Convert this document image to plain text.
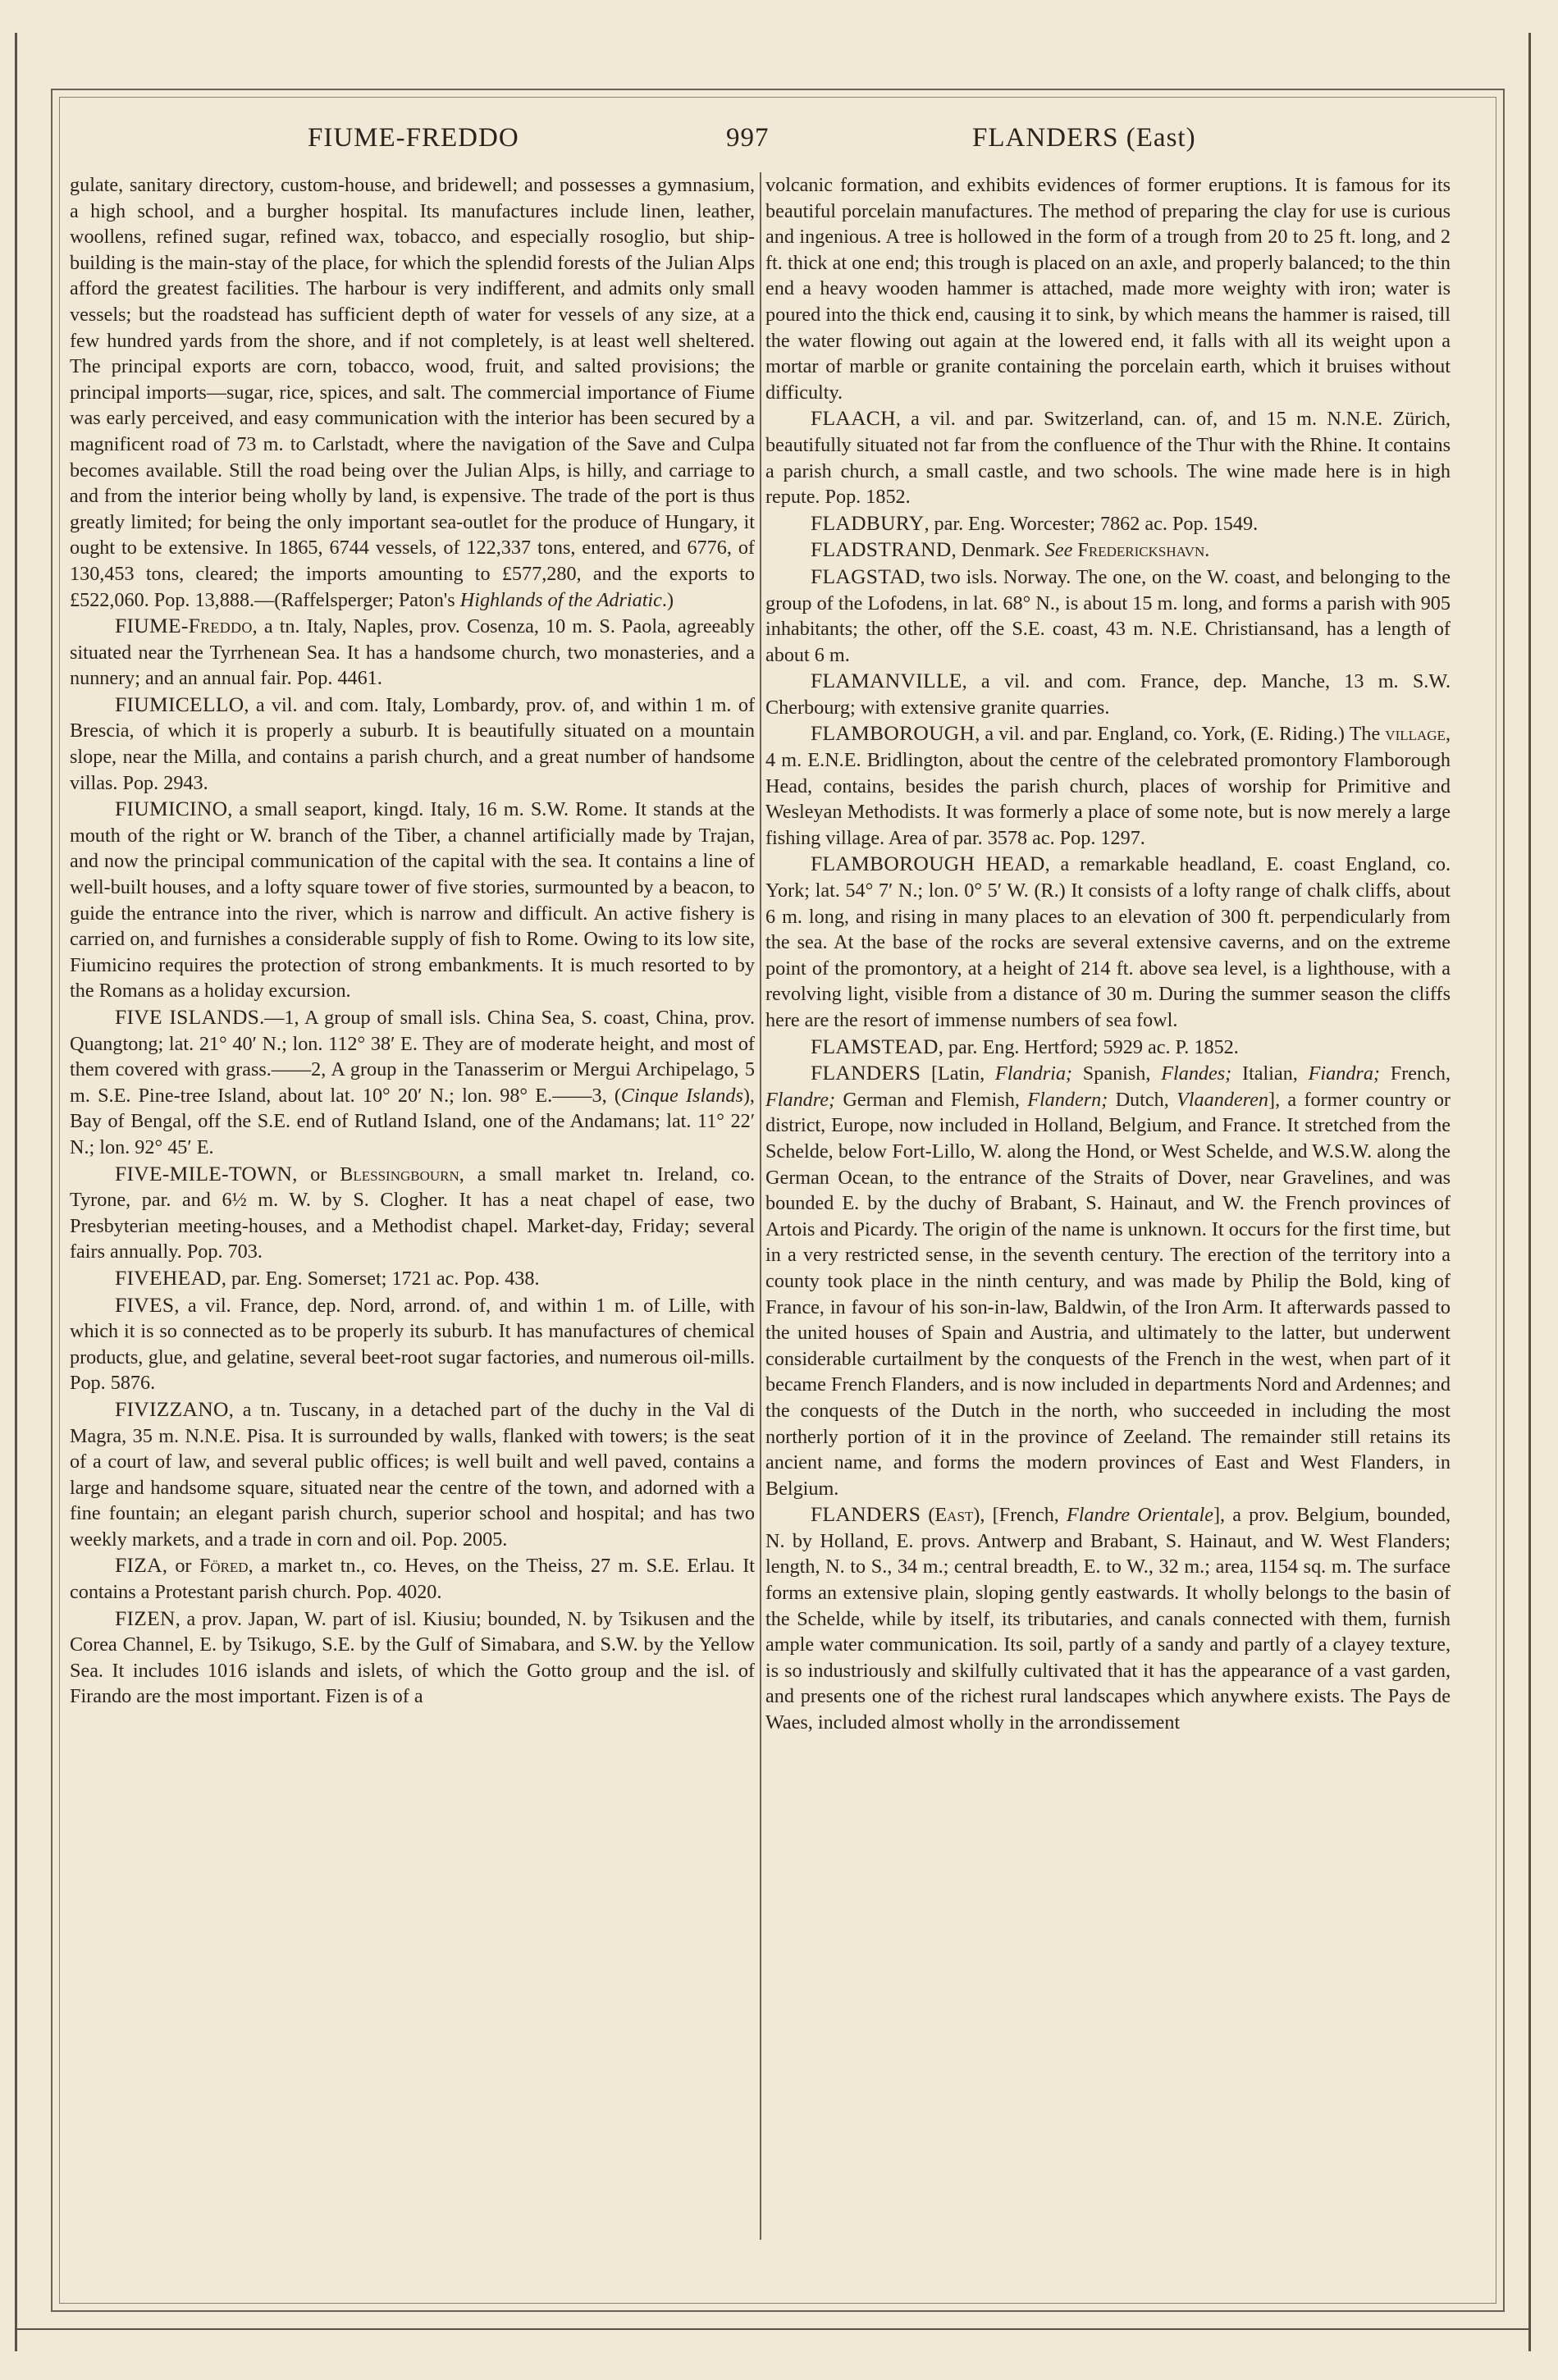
FIUME-FREDDO	997	FLANDERS (East)

gulate, sanitary directory, custom-house, and bridewell; and possesses a gymnasium, a high school, and a burgher hospital. Its manufactures include linen, leather, woollens, refined sugar, refined wax, tobacco, and especially rosoglio, but ship-building is the main-stay of the place, for which the splendid forests of the Julian Alps afford the greatest facilities. The harbour is very indifferent, and admits only small vessels; but the roadstead has sufficient depth of water for vessels of any size, at a few hundred yards from the shore, and if not completely, is at least well sheltered. The principal exports are corn, tobacco, wood, fruit, and salted provisions; the principal imports—sugar, rice, spices, and salt. The commercial importance of Fiume was early perceived, and easy communication with the interior has been secured by a magnificent road of 73 m. to Carlstadt, where the navigation of the Save and Culpa becomes available. Still the road being over the Julian Alps, is hilly, and carriage to and from the interior being wholly by land, is expensive. The trade of the port is thus greatly limited; for being the only important sea-outlet for the produce of Hungary, it ought to be extensive. In 1865, 6744 vessels, of 122,337 tons, entered, and 6776, of 130,453 tons, cleared; the imports amounting to £577,280, and the exports to £522,060. Pop. 13,888.—(Raffelsperger; Paton's Highlands of the Adriatic.)

FIUME-Freddo, a tn. Italy, Naples, prov. Cosenza, 10 m. S. Paola, agreeably situated near the Tyrrhenean Sea. It has a handsome church, two monasteries, and a nunnery; and an annual fair. Pop. 4461.

FIUMICELLO, a vil. and com. Italy, Lombardy, prov. of, and within 1 m. of Brescia, of which it is properly a suburb. It is beautifully situated on a mountain slope, near the Milla, and contains a parish church, and a great number of handsome villas. Pop. 2943.

FIUMICINO, a small seaport, kingd. Italy, 16 m. S.W. Rome. It stands at the mouth of the right or W. branch of the Tiber, a channel artificially made by Trajan, and now the principal communication of the capital with the sea. It contains a line of well-built houses, and a lofty square tower of five stories, surmounted by a beacon, to guide the entrance into the river, which is narrow and difficult. An active fishery is carried on, and furnishes a considerable supply of fish to Rome. Owing to its low site, Fiumicino requires the protection of strong embankments. It is much resorted to by the Romans as a holiday excursion.

FIVE ISLANDS.—1, A group of small isls. China Sea, S. coast, China, prov. Quangtong; lat. 21° 40′ N.; lon. 112° 38′ E. They are of moderate height, and most of them covered with grass.——2, A group in the Tanasserim or Mergui Archipelago, 5 m. S.E. Pine-tree Island, about lat. 10° 20′ N.; lon. 98° E.——3, (Cinque Islands), Bay of Bengal, off the S.E. end of Rutland Island, one of the Andamans; lat. 11° 22′ N.; lon. 92° 45′ E.

FIVE-MILE-TOWN, or Blessingbourn, a small market tn. Ireland, co. Tyrone, par. and 6½ m. W. by S. Clogher. It has a neat chapel of ease, two Presbyterian meeting-houses, and a Methodist chapel. Market-day, Friday; several fairs annually. Pop. 703.

FIVEHEAD, par. Eng. Somerset; 1721 ac. Pop. 438.

FIVES, a vil. France, dep. Nord, arrond. of, and within 1 m. of Lille, with which it is so connected as to be properly its suburb. It has manufactures of chemical products, glue, and gelatine, several beet-root sugar factories, and numerous oil-mills. Pop. 5876.

FIVIZZANO, a tn. Tuscany, in a detached part of the duchy in the Val di Magra, 35 m. N.N.E. Pisa. It is surrounded by walls, flanked with towers; is the seat of a court of law, and several public offices; is well built and well paved, contains a large and handsome square, situated near the centre of the town, and adorned with a fine fountain; an elegant parish church, superior school and hospital; and has two weekly markets, and a trade in corn and oil. Pop. 2005.

FIZA, or Föred, a market tn., co. Heves, on the Theiss, 27 m. S.E. Erlau. It contains a Protestant parish church. Pop. 4020.

FIZEN, a prov. Japan, W. part of isl. Kiusiu; bounded, N. by Tsikusen and the Corea Channel, E. by Tsikugo, S.E. by the Gulf of Simabara, and S.W. by the Yellow Sea. It includes 1016 islands and islets, of which the Gotto group and the isl. of Firando are the most important. Fizen is of a

volcanic formation, and exhibits evidences of former eruptions. It is famous for its beautiful porcelain manufactures. The method of preparing the clay for use is curious and ingenious. A tree is hollowed in the form of a trough from 20 to 25 ft. long, and 2 ft. thick at one end; this trough is placed on an axle, and properly balanced; to the thin end a heavy wooden hammer is attached, made more weighty with iron; water is poured into the thick end, causing it to sink, by which means the hammer is raised, till the water flowing out again at the lowered end, it falls with all its weight upon a mortar of marble or granite containing the porcelain earth, which it bruises without difficulty.

FLAACH, a vil. and par. Switzerland, can. of, and 15 m. N.N.E. Zürich, beautifully situated not far from the confluence of the Thur with the Rhine. It contains a parish church, a small castle, and two schools. The wine made here is in high repute. Pop. 1852.

FLADBURY, par. Eng. Worcester; 7862 ac. Pop. 1549.

FLADSTRAND, Denmark. See Frederickshavn.

FLAGSTAD, two isls. Norway. The one, on the W. coast, and belonging to the group of the Lofodens, in lat. 68° N., is about 15 m. long, and forms a parish with 905 inhabitants; the other, off the S.E. coast, 43 m. N.E. Christiansand, has a length of about 6 m.

FLAMANVILLE, a vil. and com. France, dep. Manche, 13 m. S.W. Cherbourg; with extensive granite quarries.

FLAMBOROUGH, a vil. and par. England, co. York, (E. Riding.) The village, 4 m. E.N.E. Bridlington, about the centre of the celebrated promontory Flamborough Head, contains, besides the parish church, places of worship for Primitive and Wesleyan Methodists. It was formerly a place of some note, but is now merely a large fishing village. Area of par. 3578 ac. Pop. 1297.

FLAMBOROUGH HEAD, a remarkable headland, E. coast England, co. York; lat. 54° 7′ N.; lon. 0° 5′ W. (R.) It consists of a lofty range of chalk cliffs, about 6 m. long, and rising in many places to an elevation of 300 ft. perpendicularly from the sea. At the base of the rocks are several extensive caverns, and on the extreme point of the promontory, at a height of 214 ft. above sea level, is a lighthouse, with a revolving light, visible from a distance of 30 m. During the summer season the cliffs here are the resort of immense numbers of sea fowl.

FLAMSTEAD, par. Eng. Hertford; 5929 ac. P. 1852.

FLANDERS [Latin, Flandria; Spanish, Flandes; Italian, Fiandra; French, Flandre; German and Flemish, Flandern; Dutch, Vlaanderen], a former country or district, Europe, now included in Holland, Belgium, and France. It stretched from the Schelde, below Fort-Lillo, W. along the Hond, or West Schelde, and W.S.W. along the German Ocean, to the entrance of the Straits of Dover, near Gravelines, and was bounded E. by the duchy of Brabant, S. Hainaut, and W. the French provinces of Artois and Picardy. The origin of the name is unknown. It occurs for the first time, but in a very restricted sense, in the seventh century. The erection of the territory into a county took place in the ninth century, and was made by Philip the Bold, king of France, in favour of his son-in-law, Baldwin, of the Iron Arm. It afterwards passed to the united houses of Spain and Austria, and ultimately to the latter, but underwent considerable curtailment by the conquests of the French in the west, when part of it became French Flanders, and is now included in departments Nord and Ardennes; and the conquests of the Dutch in the north, who succeeded in including the most northerly portion of it in the province of Zeeland. The remainder still retains its ancient name, and forms the modern provinces of East and West Flanders, in Belgium.

FLANDERS (East), [French, Flandre Orientale], a prov. Belgium, bounded, N. by Holland, E. provs. Antwerp and Brabant, S. Hainaut, and W. West Flanders; length, N. to S., 34 m.; central breadth, E. to W., 32 m.; area, 1154 sq. m. The surface forms an extensive plain, sloping gently eastwards. It wholly belongs to the basin of the Schelde, while by itself, its tributaries, and canals connected with them, furnish ample water communication. Its soil, partly of a sandy and partly of a clayey texture, is so industriously and skilfully cultivated that it has the appearance of a vast garden, and presents one of the richest rural landscapes which anywhere exists. The Pays de Waes, included almost wholly in the arrondissement
